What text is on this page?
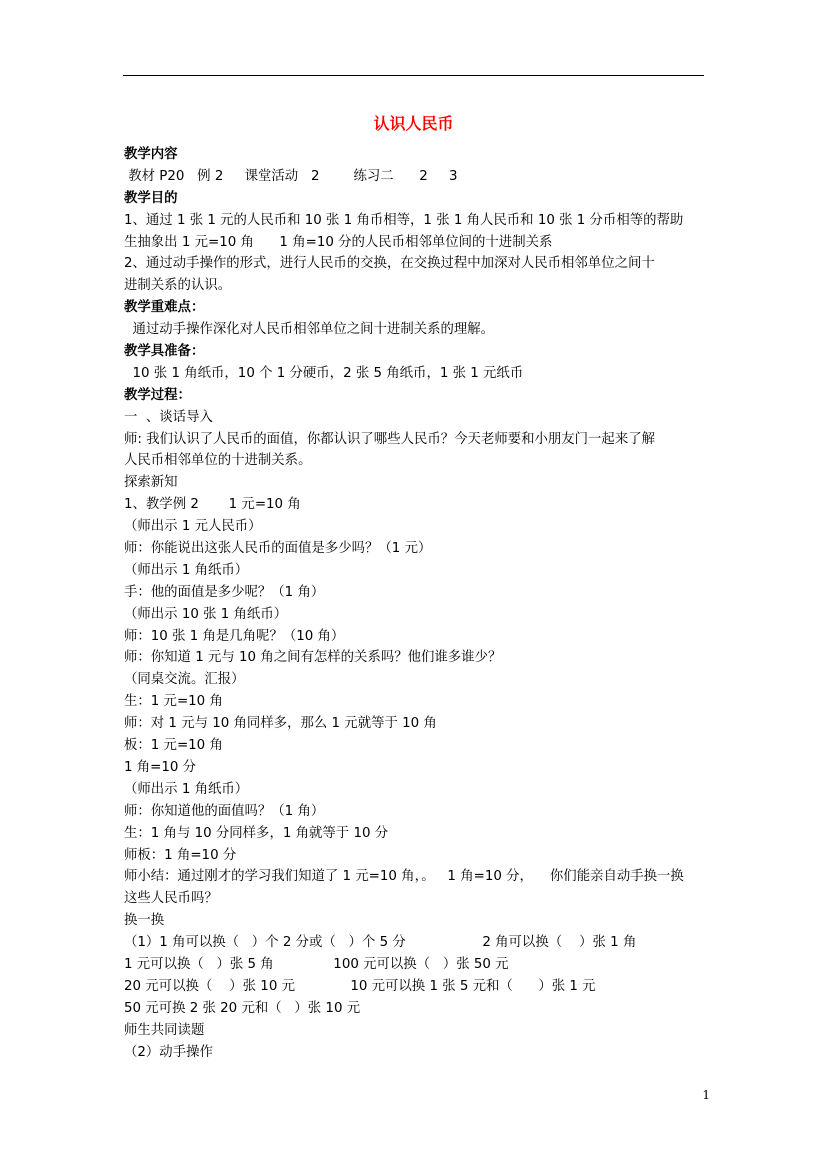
认识人民币
教学内容
教材 P20   例 2     课堂活动   2        练习二      2     3
教学目的
1、通过 1 张 1 元的人民币和 10 张 1 角币相等，1 张 1 角人民币和 10 张 1 分币相等的帮助
生抽象出 1 元=10 角      1 角=10 分的人民币相邻单位间的十进制关系
2、通过动手操作的形式，进行人民币的交换，在交换过程中加深对人民币相邻单位之间十
进制关系的认识。
教学重难点：
通过动手操作深化对人民币相邻单位之间十进制关系的理解。
教学具准备：
10 张 1 角纸币，10 个 1 分硬币，2 张 5 角纸币，1 张 1 元纸币
教学过程：
一  、谈话导入
师: 我们认识了人民币的面值，你都认识了哪些人民币？今天老师要和小朋友门一起来了解
人民币相邻单位的十进制关系。
探索新知
1、教学例 2       1 元=10 角
（师出示 1 元人民币）
师：你能说出这张人民币的面值是多少吗？（1 元）
（师出示 1 角纸币）
手：他的面值是多少呢？（1 角）
（师出示 10 张 1 角纸币）
师：10 张 1 角是几角呢？（10 角）
师：你知道 1 元与 10 角之间有怎样的关系吗？他们谁多谁少？
（同桌交流。汇报）
生：1 元=10 角
师：对 1 元与 10 角同样多，那么 1 元就等于 10 角
板：1 元=10 角
1 角=10 分
（师出示 1 角纸币）
师：你知道他的面值吗？（1 角）
生：1 角与 10 分同样多，1 角就等于 10 分
师板：1 角=10 分
师小结：通过刚才的学习我们知道了 1 元=10 角，。   1 角=10 分，    你们能亲自动手换一换
这些人民币吗？
换一换
（1）1 角可以换（   ）个 2 分或（   ）个 5 分                  2 角可以换（    ）张 1 角
1 元可以换（   ）张 5 角              100 元可以换（   ）张 50 元
20 元可以换（    ）张 10 元             10 元可以换 1 张 5 元和（      ）张 1 元
50 元可换 2 张 20 元和（   ）张 10 元
师生共同读题
（2）动手操作
1
